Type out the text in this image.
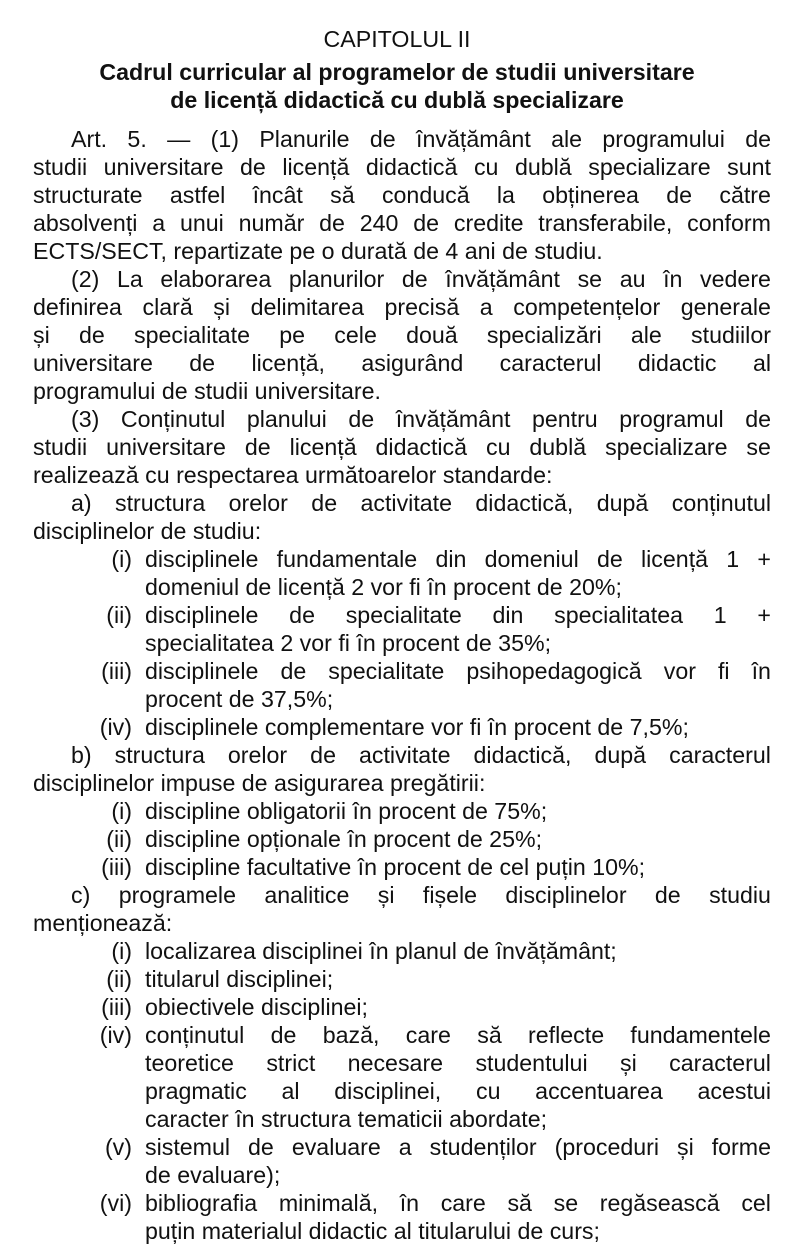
CAPITOLUL II
Cadrul curricular al programelor de studii universitare
de licență didactică cu dublă specializare
Art. 5. — (1) Planurile de învățământ ale programului de
studii universitare de licență didactică cu dublă specializare sunt
structurate astfel încât să conducă la obținerea de către
absolvenți a unui număr de 240 de credite transferabile, conform
ECTS/SECT, repartizate pe o durată de 4 ani de studiu.
(2) La elaborarea planurilor de învățământ se au în vedere
definirea clară și delimitarea precisă a competențelor generale
și de specialitate pe cele două specializări ale studiilor
universitare de licență, asigurând caracterul didactic al
programului de studii universitare.
(3) Conținutul planului de învățământ pentru programul de
studii universitare de licență didactică cu dublă specializare se
realizează cu respectarea următoarelor standarde:
a) structura orelor de activitate didactică, după conținutul
disciplinelor de studiu:
(i) disciplinele fundamentale din domeniul de licență 1 +
domeniul de licență 2 vor fi în procent de 20%;
(ii) disciplinele de specialitate din specialitatea 1 +
specialitatea 2 vor fi în procent de 35%;
(iii) disciplinele de specialitate psihopedagogică vor fi în
procent de 37,5%;
(iv) disciplinele complementare vor fi în procent de 7,5%;
b) structura orelor de activitate didactică, după caracterul
disciplinelor impuse de asigurarea pregătirii:
(i) discipline obligatorii în procent de 75%;
(ii) discipline opționale în procent de 25%;
(iii) discipline facultative în procent de cel puțin 10%;
c) programele analitice și fișele disciplinelor de studiu
menționează:
(i) localizarea disciplinei în planul de învățământ;
(ii) titularul disciplinei;
(iii) obiectivele disciplinei;
(iv) conținutul de bază, care să reflecte fundamentele
teoretice strict necesare studentului și caracterul
pragmatic al disciplinei, cu accentuarea acestui
caracter în structura tematicii abordate;
(v) sistemul de evaluare a studenților (proceduri și forme
de evaluare);
(vi) bibliografia minimală, în care să se regăsească cel
puțin materialul didactic al titularului de curs;
